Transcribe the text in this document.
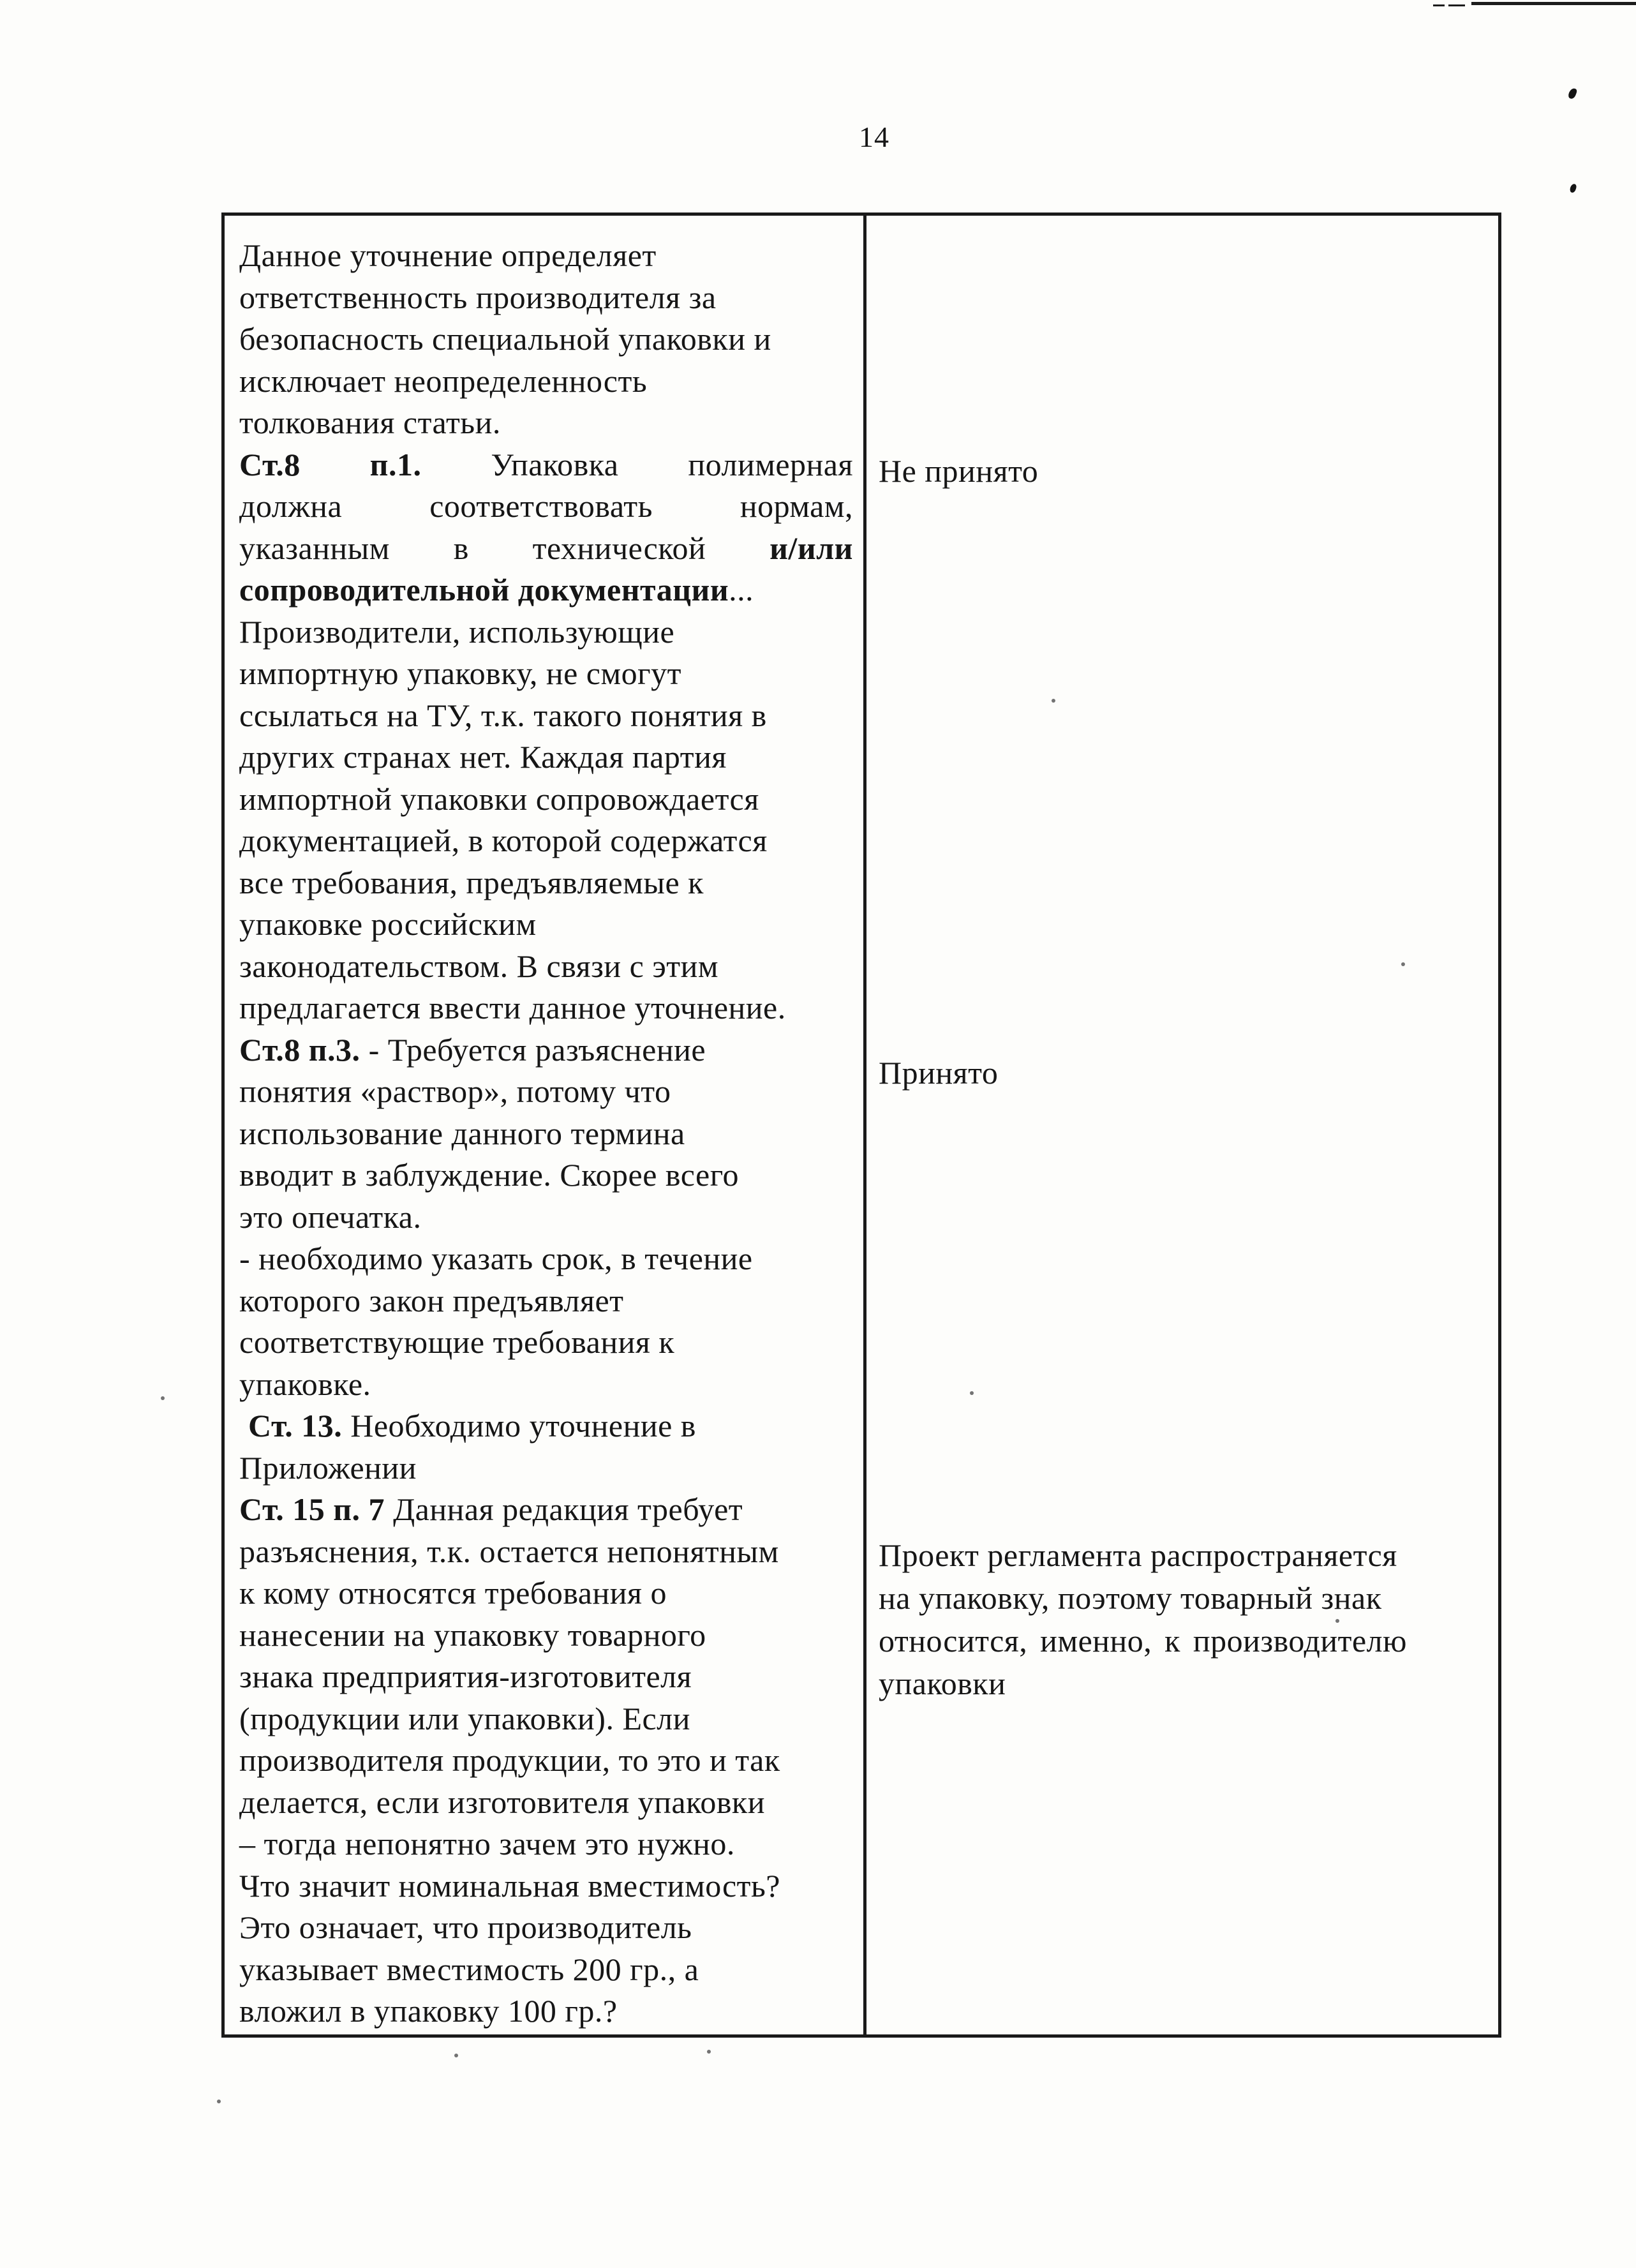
14
Данное уточнение определяет
ответственность производителя за
безопасность специальной упаковки и
исключает неопределенность
толкования статьи.
Ст.8 п.1. Упаковка полимерная
должна соответствовать нормам,
указанным в технической и/или
сопроводительной документации...
Производители, использующие
импортную упаковку, не смогут
ссылаться на ТУ, т.к. такого понятия в
других странах нет. Каждая партия
импортной упаковки сопровождается
документацией, в которой содержатся
все требования, предъявляемые к
упаковке российским
законодательством. В связи с этим
предлагается ввести данное уточнение.
Ст.8 п.3. - Требуется разъяснение
понятия «раствор», потому что
использование данного термина
вводит в заблуждение. Скорее всего
это опечатка.
- необходимо указать срок, в течение
которого закон предъявляет
соответствующие требования к
упаковке.
Ст. 13. Необходимо уточнение в
Приложении
Ст. 15 п. 7 Данная редакция требует
разъяснения, т.к. остается непонятным
к кому относятся требования о
нанесении на упаковку товарного
знака предприятия-изготовителя
(продукции или упаковки). Если
производителя продукции, то это и так
делается, если изготовителя упаковки
– тогда непонятно зачем это нужно.
Что значит номинальная вместимость?
Это означает, что производитель
указывает вместимость 200 гр., а
вложил в упаковку 100 гр.?
Не принято
Принято
Проект регламента распространяется
на упаковку, поэтому товарный знак
относится, именно, к производителю
упаковки
